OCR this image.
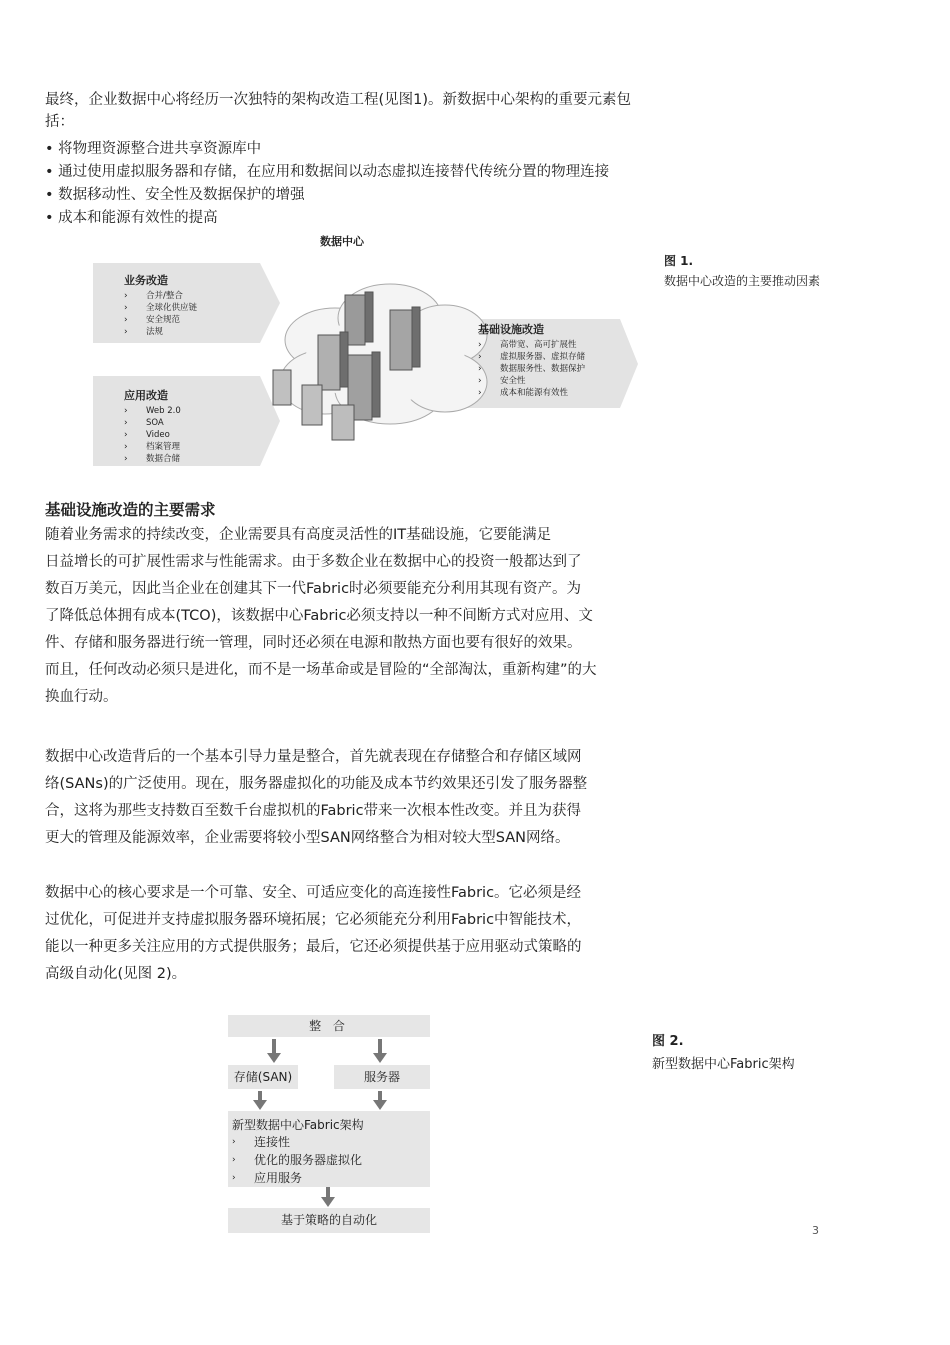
最终，企业数据中心将经历一次独特的架构改造工程(见图1)。新数据中心架构的重要元素包括：

• 将物理资源整合进共享资源库中
• 通过使用虚拟服务器和存储，在应用和数据间以动态虚拟连接替代传统分置的物理连接
• 数据移动性、安全性及数据保护的增强
• 成本和能源有效性的提高
数据中心
业务改造
› 合并/整合
› 全球化供应链
› 安全规范
› 法规
应用改造
› Web 2.0
› SOA
› Video
› 档案管理
› 数据合储
基础设施改造
› 高带宽、高可扩展性
› 虚拟服务器、虚拟存储
› 数据服务性、数据保护
› 安全性
› 成本和能源有效性
图 1.
数据中心改造的主要推动因素
基础设施改造的主要需求

随着业务需求的持续改变，企业需要具有高度灵活性的IT基础设施，它要能满足

日益增长的可扩展性需求与性能需求。由于多数企业在数据中心的投资一般都达到了

数百万美元，因此当企业在创建其下一代Fabric时必须要能充分利用其现有资产。为

了降低总体拥有成本(TCO)，该数据中心Fabric必须支持以一种不间断方式对应用、文

件、存储和服务器进行统一管理，同时还必须在电源和散热方面也要有很好的效果。

而且，任何改动必须只是进化，而不是一场革命或是冒险的“全部淘汰，重新构建”的大

换血行动。

数据中心改造背后的一个基本引导力量是整合，首先就表现在存储整合和存储区域网

络(SANs)的广泛使用。现在，服务器虚拟化的功能及成本节约效果还引发了服务器整

合，这将为那些支持数百至数千台虚拟机的Fabric带来一次根本性改变。并且为获得

更大的管理及能源效率，企业需要将较小型SAN网络整合为相对较大型SAN网络。

数据中心的核心要求是一个可靠、安全、可适应变化的高连接性Fabric。它必须是经

过优化，可促进并支持虚拟服务器环境拓展；它必须能充分利用Fabric中智能技术，

能以一种更多关注应用的方式提供服务；最后，它还必须提供基于应用驱动式策略的

高级自动化(见图 2)。

整 合
存储(SAN)	服务器
新型数据中心Fabric架构
› 连接性
› 优化的服务器虚拟化
› 应用服务
基于策略的自动化
图 2.
新型数据中心Fabric架构
3
